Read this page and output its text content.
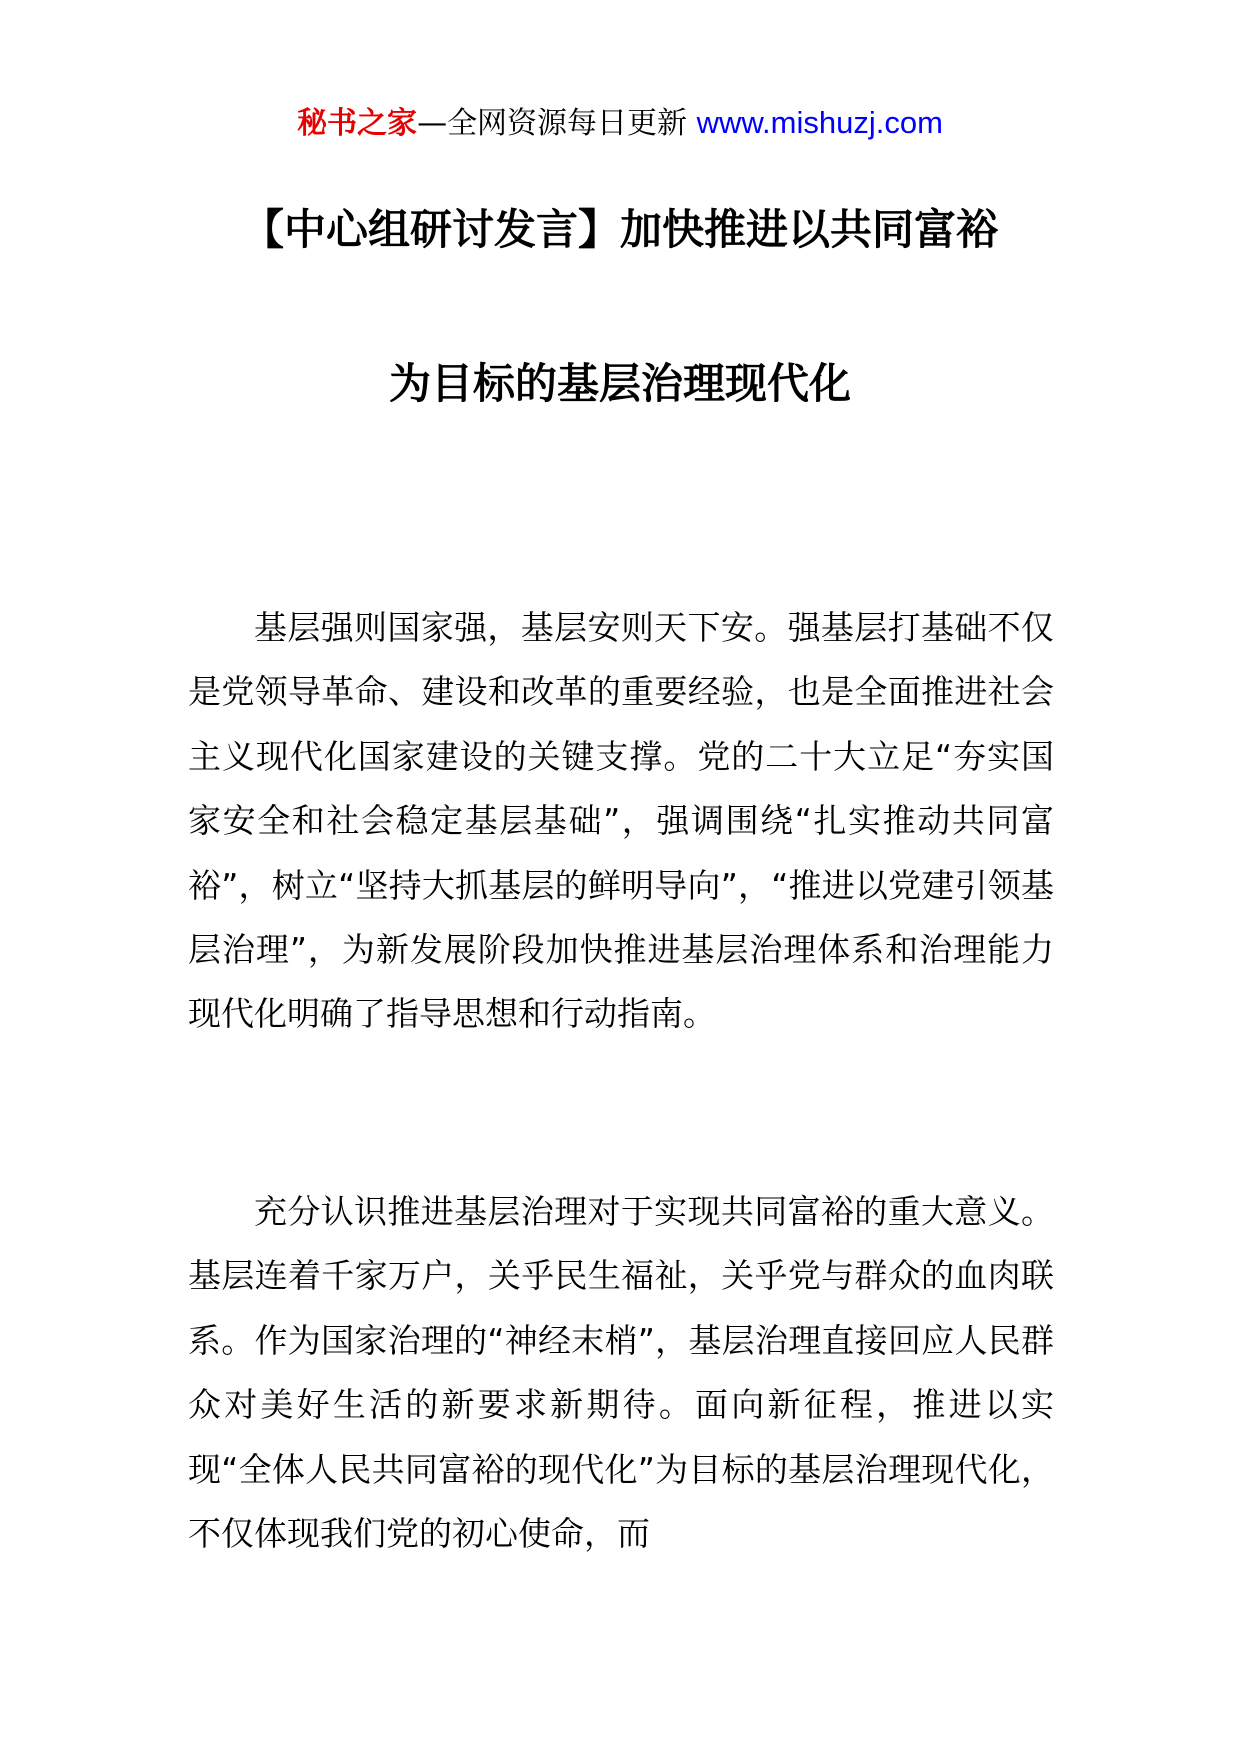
秘书之家—全网资源每日更新 www.mishuzj.com
【中心组研讨发言】加快推进以共同富裕
为目标的基层治理现代化

基层强则国家强，基层安则天下安。强基层打基础不仅是党领导革命、建设和改革的重要经验，也是全面推进社会主义现代化国家建设的关键支撑。党的二十大立足“夯实国家安全和社会稳定基层基础”，强调围绕“扎实推动共同富裕”，树立“坚持大抓基层的鲜明导向”，“推进以党建引领基层治理”，为新发展阶段加快推进基层治理体系和治理能力现代化明确了指导思想和行动指南。

充分认识推进基层治理对于实现共同富裕的重大意义。基层连着千家万户，关乎民生福祉，关乎党与群众的血肉联系。作为国家治理的“神经末梢”，基层治理直接回应人民群众对美好生活的新要求新期待。面向新征程，推进以实现“全体人民共同富裕的现代化”为目标的基层治理现代化，不仅体现我们党的初心使命，而
